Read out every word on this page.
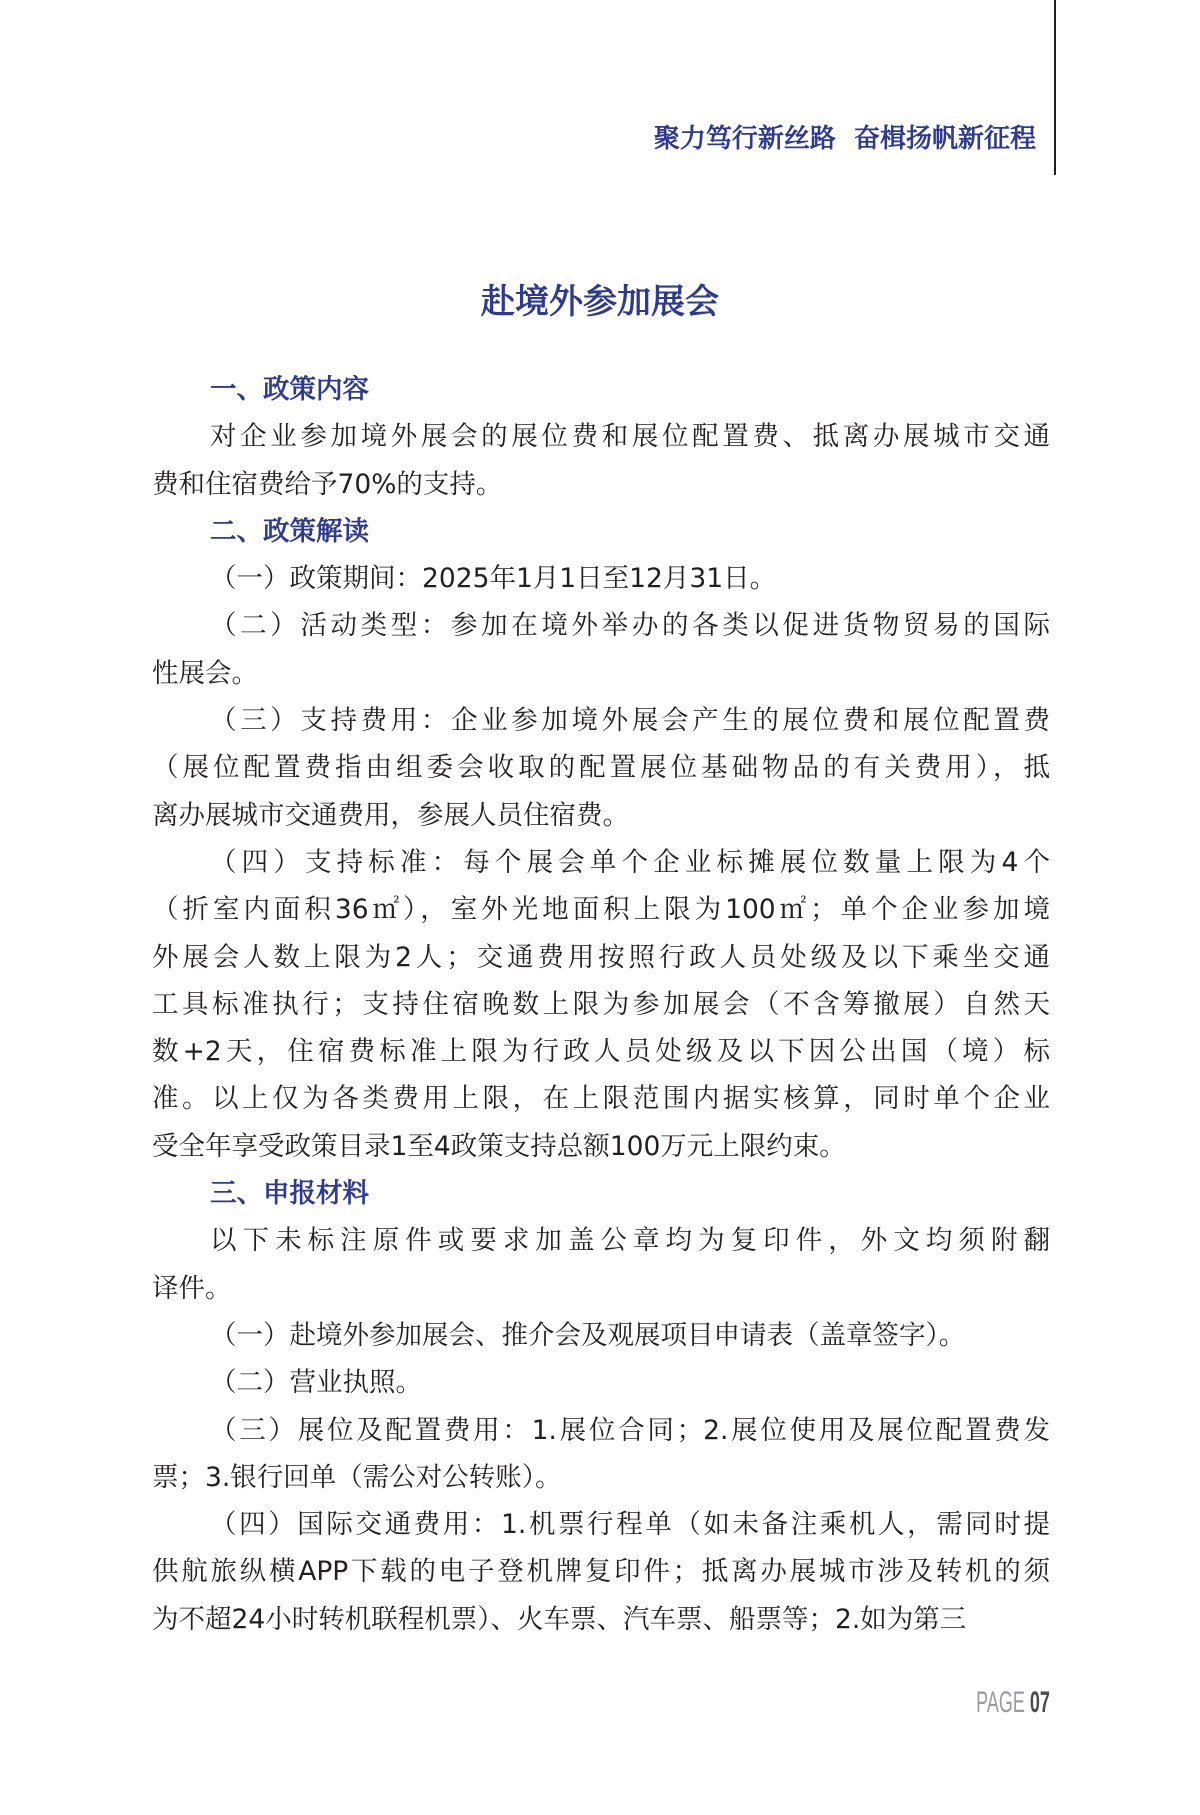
聚力笃行新丝路  奋楫扬帆新征程
赴境外参加展会
一、政策内容
对企业参加境外展会的展位费和展位配置费、抵离办展城市交通
费和住宿费给予70%的支持。
二、政策解读
（一）政策期间：2025年1月1日至12月31日。
（二）活动类型：参加在境外举办的各类以促进货物贸易的国际
性展会。
（三）支持费用：企业参加境外展会产生的展位费和展位配置费
（展位配置费指由组委会收取的配置展位基础物品的有关费用），抵
离办展城市交通费用，参展人员住宿费。
（四）支持标准：每个展会单个企业标摊展位数量上限为4个
（折室内面积36㎡），室外光地面积上限为100㎡；单个企业参加境
外展会人数上限为2人；交通费用按照行政人员处级及以下乘坐交通
工具标准执行；支持住宿晚数上限为参加展会（不含筹撤展）自然天
数+2天，住宿费标准上限为行政人员处级及以下因公出国（境）标
准。以上仅为各类费用上限，在上限范围内据实核算，同时单个企业
受全年享受政策目录1至4政策支持总额100万元上限约束。
三、申报材料
以下未标注原件或要求加盖公章均为复印件，外文均须附翻
译件。
（一）赴境外参加展会、推介会及观展项目申请表（盖章签字）。
（二）营业执照。
（三）展位及配置费用：1.展位合同；2.展位使用及展位配置费发
票；3.银行回单（需公对公转账）。
（四）国际交通费用：1.机票行程单（如未备注乘机人，需同时提
供航旅纵横APP下载的电子登机牌复印件；抵离办展城市涉及转机的须
为不超24小时转机联程机票）、火车票、汽车票、船票等；2.如为第三
PAGE 07
